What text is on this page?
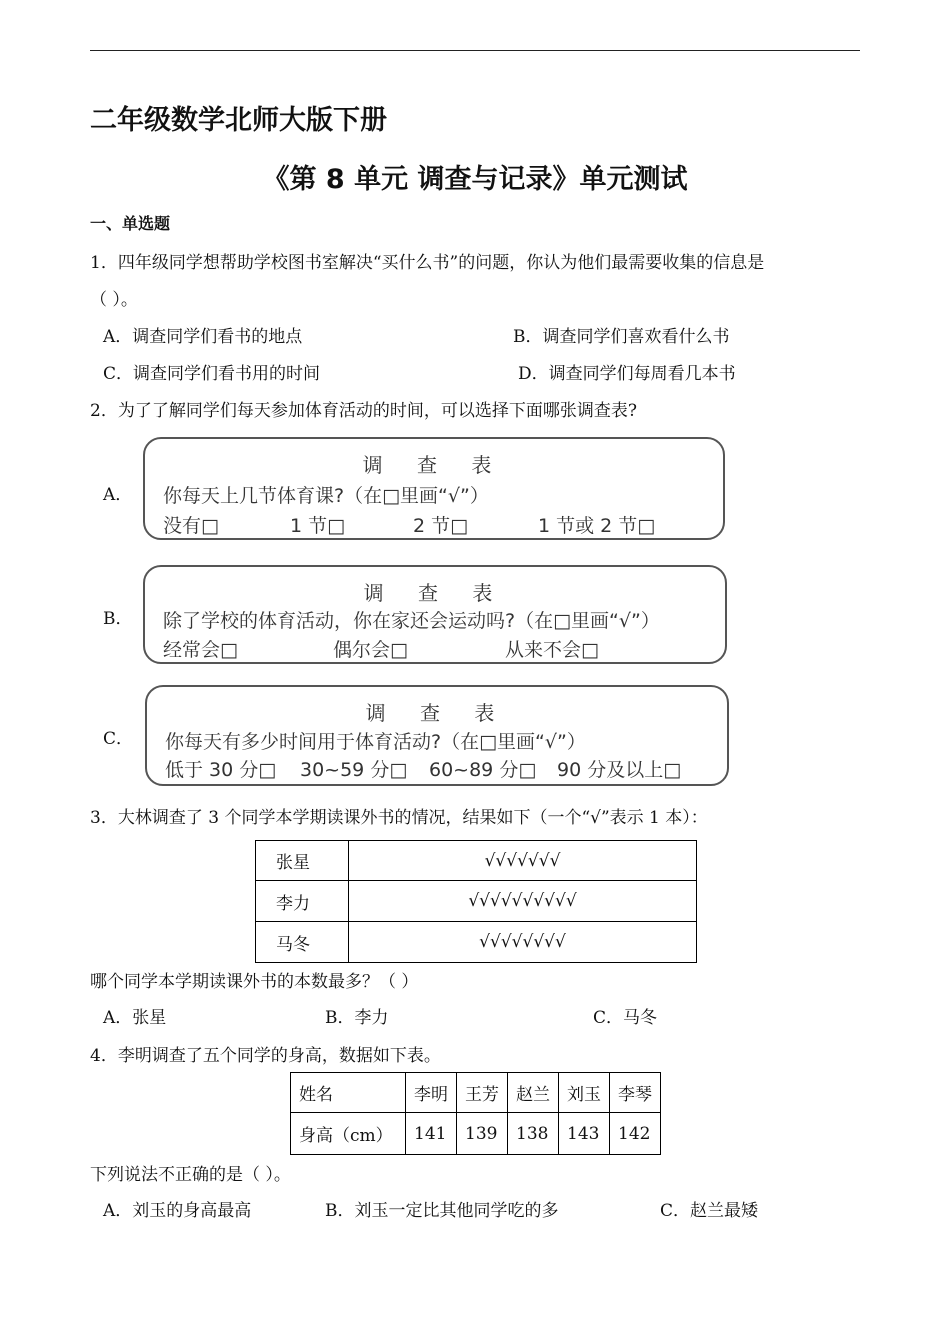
二年级数学北师大版下册
《第 8 单元 调查与记录》单元测试
一、单选题
1．四年级同学想帮助学校图书室解决“买什么书”的问题，你认为他们最需要收集的信息是
（ ）。
A．调查同学们看书的地点	B．调查同学们喜欢看什么书
C．调查同学们看书用的时间	D．调查同学们每周看几本书
2．为了了解同学们每天参加体育活动的时间，可以选择下面哪张调查表?
A．
调 查 表
你每天上几节体育课?（在□里画“√”）
没有□	1 节□	2 节□	1 节或 2 节□
B．
调 查 表
除了学校的体育活动，你在家还会运动吗?（在□里画“√”）
经常会□	偶尔会□	从来不会□
C．
调 查 表
你每天有多少时间用于体育活动?（在□里画“√”）
低于 30 分□ 30~59 分□ 60~89 分□ 90 分及以上□
3．大林调查了 3 个同学本学期读课外书的情况，结果如下（一个“√”表示 1 本）：
张星	√√√√√√√
李力	√√√√√√√√√√
马冬	√√√√√√√√
哪个同学本学期读课外书的本数最多？（ ）
A．张星	B．李力	C．马冬
4．李明调查了五个同学的身高，数据如下表。
姓名	李明	王芳	赵兰	刘玉	李琴
身高（cm）	141	139	138	143	142
下列说法不正确的是（ ）。
A．刘玉的身高最高	B．刘玉一定比其他同学吃的多	C．赵兰最矮
